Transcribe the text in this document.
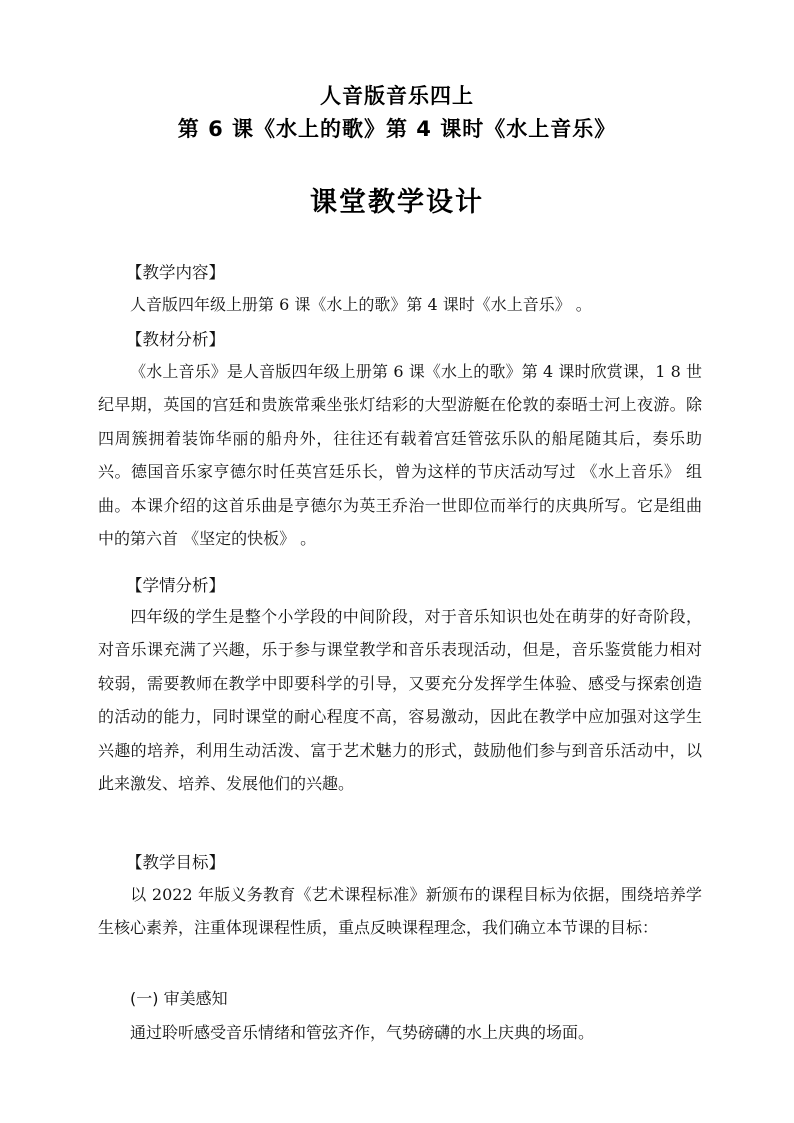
人音版音乐四上
第 6 课《水上的歌》第 4 课时《水上音乐》
课堂教学设计
【教学内容】
人音版四年级上册第 6 课《水上的歌》第 4 课时《水上音乐》 。
【教材分析】
《水上音乐》是人音版四年级上册第 6 课《水上的歌》第 4 课时欣赏课，1 8 世纪早期，英国的宫廷和贵族常乘坐张灯结彩的大型游艇在伦敦的泰晤士河上夜游。除四周簇拥着装饰华丽的船舟外，往往还有载着宫廷管弦乐队的船尾随其后，奏乐助兴。德国音乐家亨德尔时任英宫廷乐长，曾为这样的节庆活动写过 《水上音乐》 组曲。本课介绍的这首乐曲是亨德尔为英王乔治一世即位而举行的庆典所写。它是组曲中的第六首 《坚定的快板》 。
【学情分析】
四年级的学生是整个小学段的中间阶段，对于音乐知识也处在萌芽的好奇阶段，对音乐课充满了兴趣，乐于参与课堂教学和音乐表现活动，但是，音乐鉴赏能力相对较弱，需要教师在教学中即要科学的引导，又要充分发挥学生体验、感受与探索创造的活动的能力，同时课堂的耐心程度不高，容易激动，因此在教学中应加强对这学生兴趣的培养，利用生动活泼、富于艺术魅力的形式，鼓励他们参与到音乐活动中，以此来激发、培养、发展他们的兴趣。
【教学目标】
以 2022 年版义务教育《艺术课程标准》新颁布的课程目标为依据，围绕培养学生核心素养，注重体现课程性质，重点反映课程理念，我们确立本节课的目标：
(一) 审美感知
通过聆听感受音乐情绪和管弦齐作，气势磅礴的水上庆典的场面。
